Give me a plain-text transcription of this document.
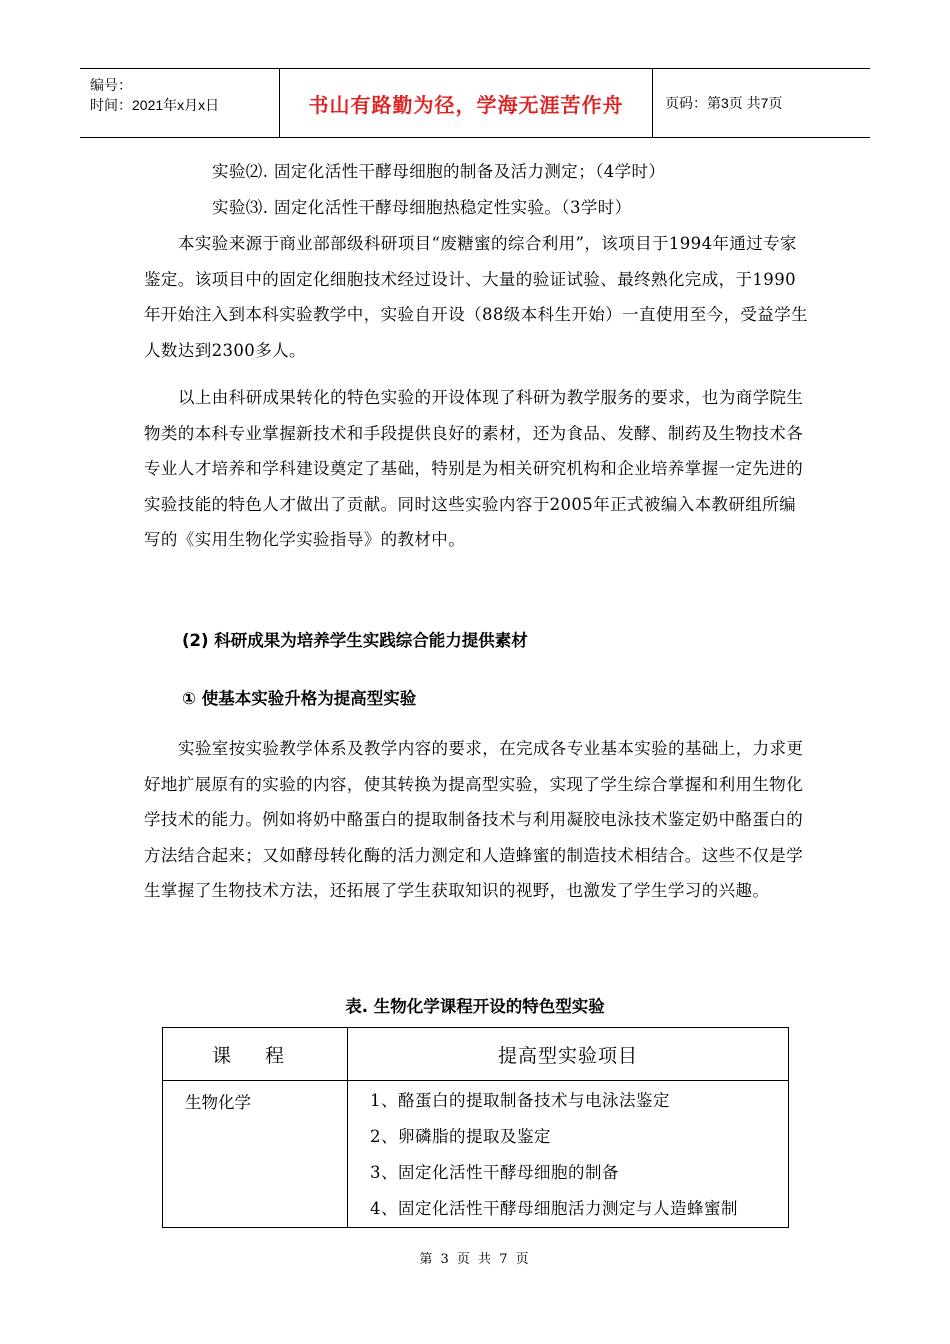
编号：
时间：2021年x月x日	书山有路勤为径，学海无涯苦作舟	页码：第3页 共7页

实验⑵. 固定化活性干酵母细胞的制备及活力测定；（4学时）

实验⑶. 固定化活性干酵母细胞热稳定性实验。（3学时）

本实验来源于商业部部级科研项目“废糖蜜的综合利用”，该项目于1994年通过专家鉴定。该项目中的固定化细胞技术经过设计、大量的验证试验、最终熟化完成，于1990年开始注入到本科实验教学中，实验自开设（88级本科生开始）一直使用至今，受益学生人数达到2300多人。

以上由科研成果转化的特色实验的开设体现了科研为教学服务的要求，也为商学院生物类的本科专业掌握新技术和手段提供良好的素材，还为食品、发酵、制药及生物技术各专业人才培养和学科建设奠定了基础，特别是为相关研究机构和企业培养掌握一定先进的实验技能的特色人才做出了贡献。同时这些实验内容于2005年正式被编入本教研组所编写的《实用生物化学实验指导》的教材中。

(2) 科研成果为培养学生实践综合能力提供素材

① 使基本实验升格为提高型实验

实验室按实验教学体系及教学内容的要求，在完成各专业基本实验的基础上，力求更好地扩展原有的实验的内容，使其转换为提高型实验，实现了学生综合掌握和利用生物化学技术的能力。例如将奶中酪蛋白的提取制备技术与利用凝胶电泳技术鉴定奶中酪蛋白的方法结合起来；又如酵母转化酶的活力测定和人造蜂蜜的制造技术相结合。这些不仅是学生掌握了生物技术方法，还拓展了学生获取知识的视野，也激发了学生学习的兴趣。

表. 生物化学课程开设的特色型实验
课 程	提高型实验项目
生物化学	1、酪蛋白的提取制备技术与电泳法鉴定
2、卵磷脂的提取及鉴定
3、固定化活性干酵母细胞的制备
4、固定化活性干酵母细胞活力测定与人造蜂蜜制
第 3 页 共 7 页
